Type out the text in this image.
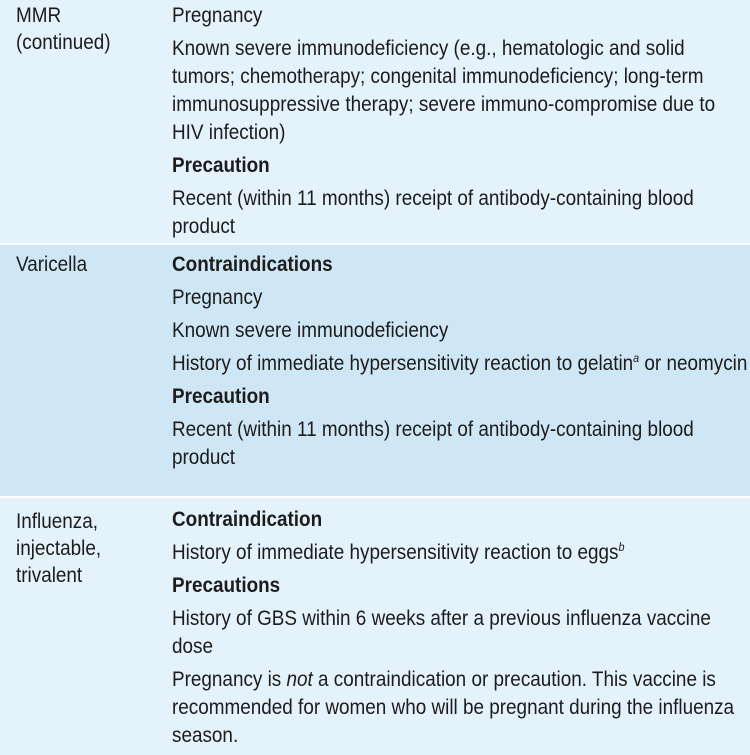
MMR
(continued)
Pregnancy
Known severe immunodeficiency (e.g., hematologic and solid tumors; chemotherapy; congenital immunodeficiency; long-term immunosuppressive therapy; severe immuno-compromise due to HIV infection)
Precaution
Recent (within 11 months) receipt of antibody-containing blood product
Varicella	Contraindications
Pregnancy
Known severe immunodeficiency
History of immediate hypersensitivity reaction to gelatin$^a$ or neomycin
Precaution
Recent (within 11 months) receipt of antibody-containing blood product
Influenza,
injectable,
trivalent
Contraindication
History of immediate hypersensitivity reaction to eggs$^b$
Precautions
History of GBS within 6 weeks after a previous influenza vaccine dose
Pregnancy is not a contraindication or precaution. This vaccine is recommended for women who will be pregnant during the influenza season.
